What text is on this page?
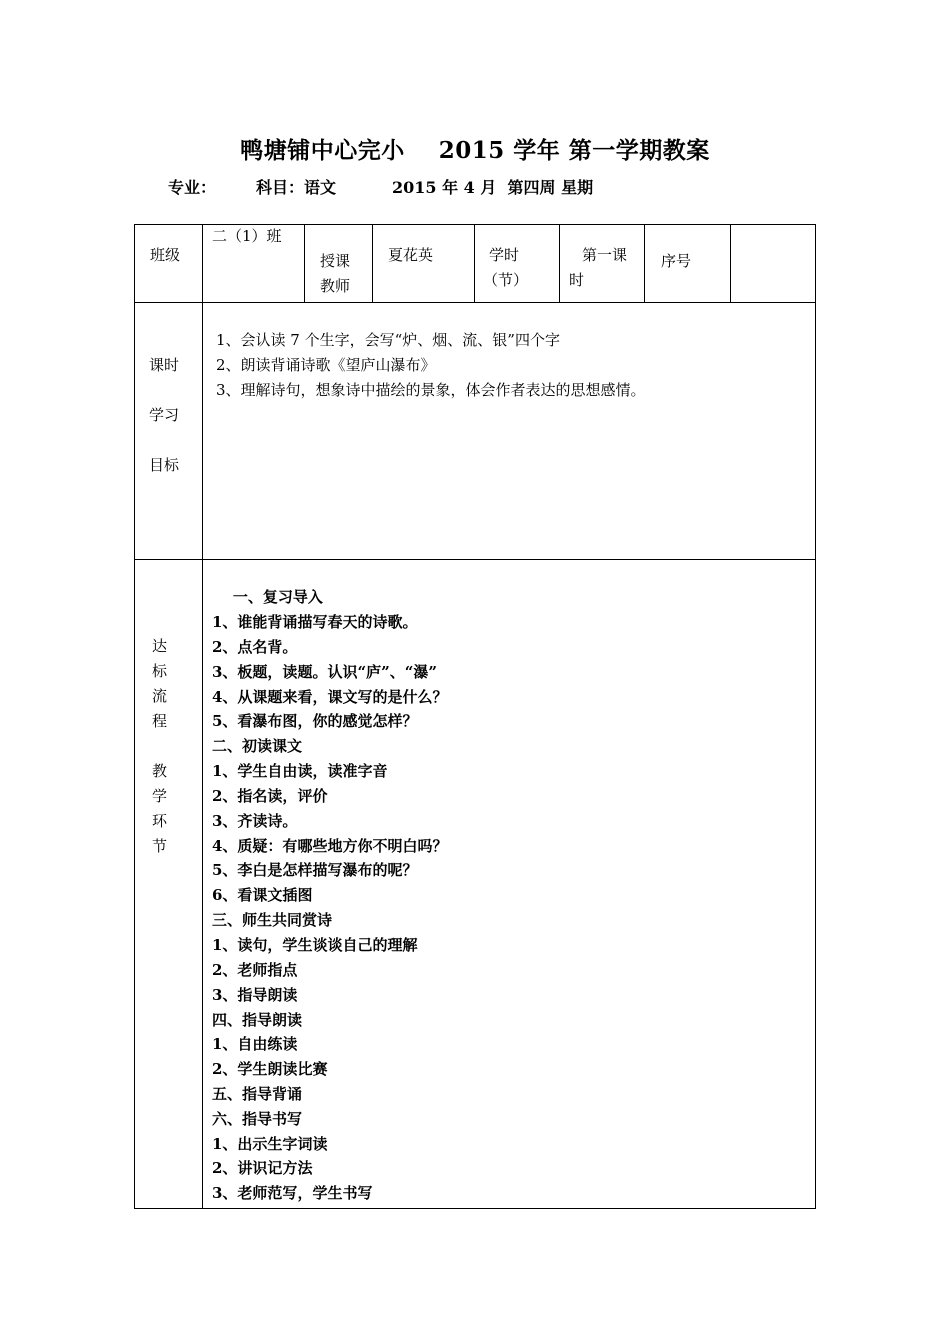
鸭塘铺中心完小    2015 学年 第一学期教案
专业： 科目：语文	2015 年 4 月  第四周 星期
班级
二（1）班
授课
教师
夏花英	学时
（节）
第一课
时
序号
课时
学习
目标
1、会认读 7 个生字，会写“炉、烟、流、银”四个字
2、朗读背诵诗歌《望庐山瀑布》
3、理解诗句，想象诗中描绘的景象，体会作者表达的思想感情。
达
标
流
程
教
学
环
节
一、复习导入
1、谁能背诵描写春天的诗歌。
2、点名背。
3、板题，读题。认识“庐”、“瀑”
4、从课题来看，课文写的是什么？
5、看瀑布图，你的感觉怎样？
二、初读课文
1、学生自由读，读准字音
2、指名读，评价
3、齐读诗。
4、质疑：有哪些地方你不明白吗？
5、李白是怎样描写瀑布的呢？
6、看课文插图
三、师生共同赏诗
1、读句，学生谈谈自己的理解
2、老师指点
3、指导朗读
四、指导朗读
1、自由练读
2、学生朗读比赛
五、指导背诵
六、指导书写
1、出示生字词读
2、讲识记方法
3、老师范写，学生书写
